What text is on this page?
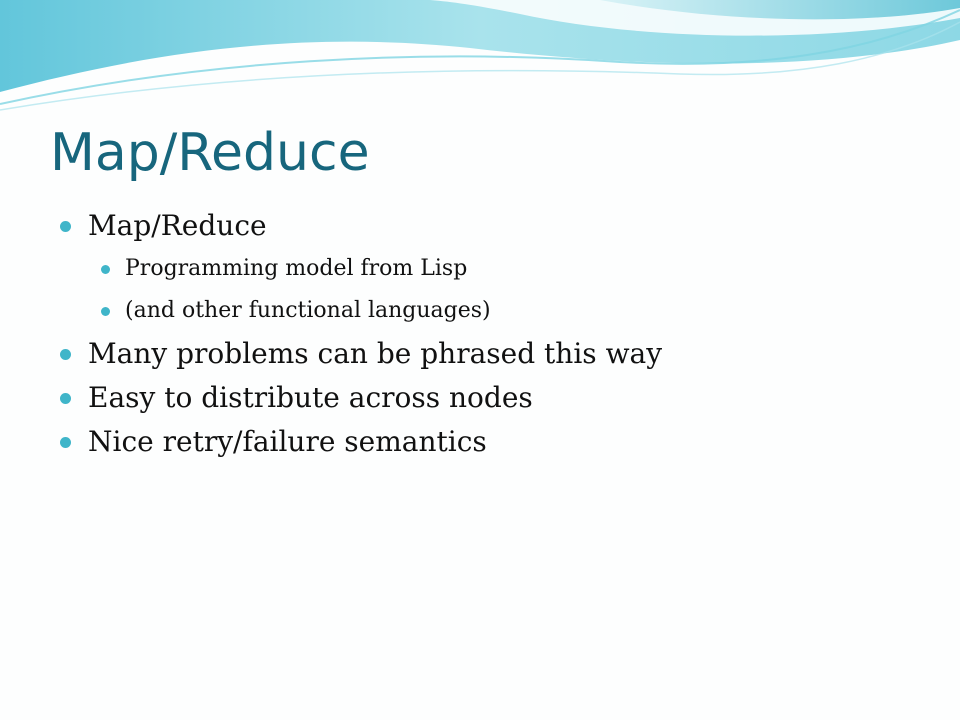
Map/Reduce
Map/Reduce
Programming model from Lisp
(and other functional languages)
Many problems can be phrased this way
Easy to distribute across nodes
Nice retry/failure semantics
